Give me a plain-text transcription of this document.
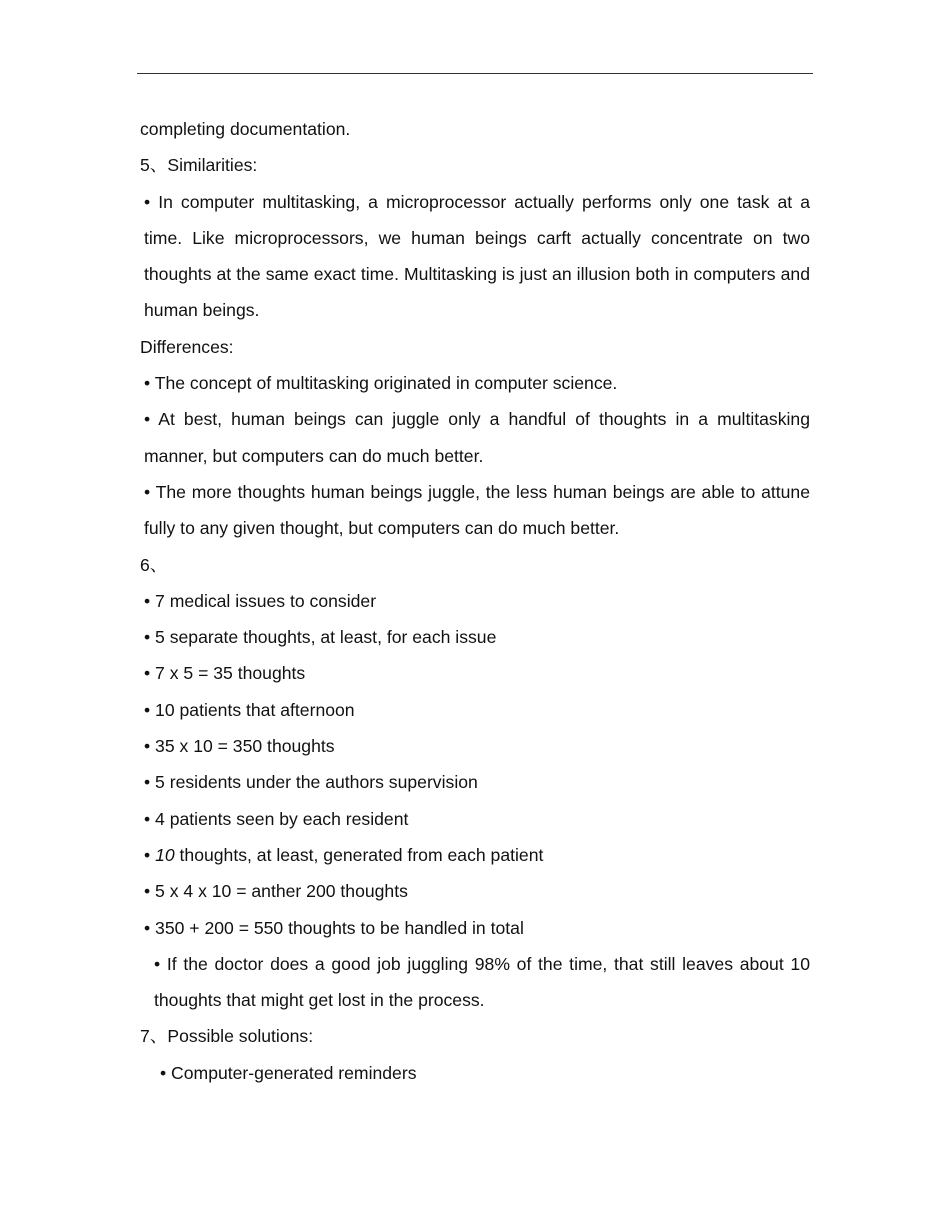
completing documentation.

5、Similarities:

• In computer multitasking, a microprocessor actually performs only one task at a time. Like microprocessors, we human beings carft actually concentrate on two thoughts at the same exact time. Multitasking is just an illusion both in computers and human beings.

Differences:

• The concept of multitasking originated in computer science.

• At best, human beings can juggle only a handful of thoughts in a multitasking manner, but computers can do much better.

• The more thoughts human beings juggle, the less human beings are able to attune fully to any given thought, but computers can do much better.

6、

• 7 medical issues to consider

• 5 separate thoughts, at least, for each issue

• 7 x 5 = 35 thoughts

• 10 patients that afternoon

• 35 x 10 = 350 thoughts

• 5 residents under the authors supervision

• 4 patients seen by each resident

• 10 thoughts, at least, generated from each patient

• 5 x 4 x 10 = anther 200 thoughts

• 350 + 200 = 550 thoughts to be handled in total

• If the doctor does a good job juggling 98% of the time, that still leaves about 10 thoughts that might get lost in the process.

7、Possible solutions:

• Computer-generated reminders
